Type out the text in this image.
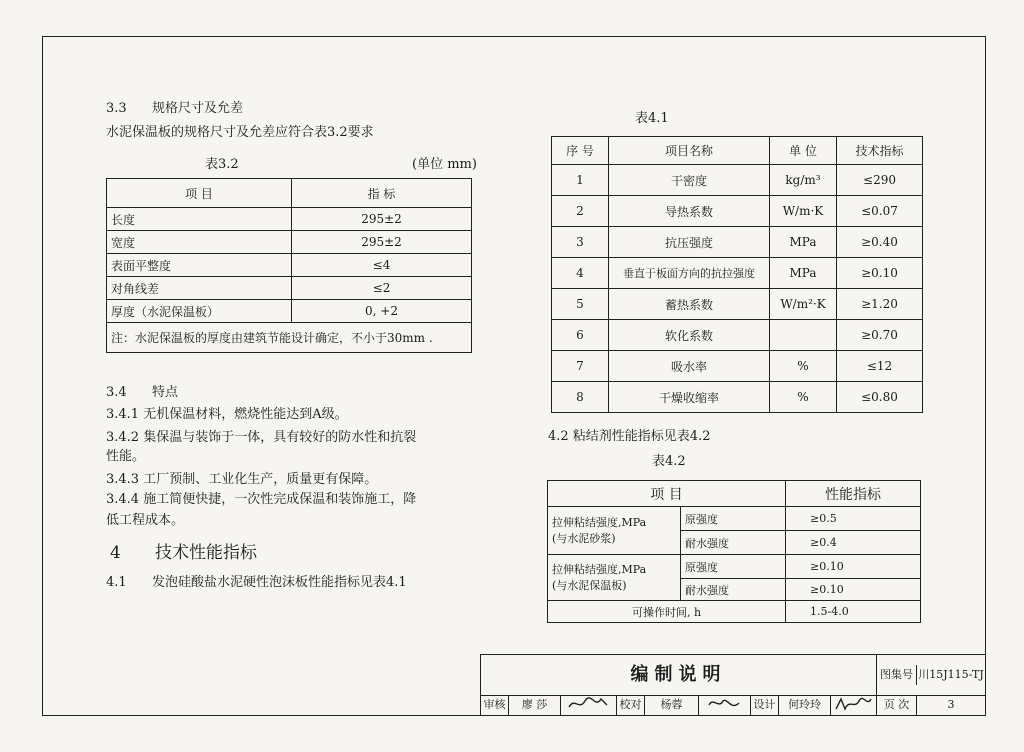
3.3 规格尺寸及允差
水泥保温板的规格尺寸及允差应符合表3.2要求
表3.2	(单位 mm)
项 目	指 标
长度	295±2
宽度	295±2
表面平整度	≤4
对角线差	≤2
厚度（水泥保温板）	0, +2
注：水泥保温板的厚度由建筑节能设计确定，不小于30mm .	
3.4 特点
3.4.1 无机保温材料，燃烧性能达到A级。
3.4.2 集保温与装饰于一体，具有较好的防水性和抗裂
性能。
3.4.3 工厂预制、工业化生产，质量更有保障。
3.4.4 施工简便快捷，一次性完成保温和装饰施工，降
低工程成本。
4 技术性能指标
4.1 发泡硅酸盐水泥硬性泡沫板性能指标见表4.1
表4.1
序 号	项目名称	单 位	技术指标
1	干密度	kg/m³	≤290
2	导热系数	W/m·K	≤0.07
3	抗压强度	MPa	≥0.40
4	垂直于板面方向的抗拉强度	MPa	≥0.10
5	蓄热系数	W/m²·K	≥1.20
6	软化系数		≥0.70
7	吸水率	%	≤12
8	干燥收缩率	%	≤0.80
4.2 粘结剂性能指标见表4.2
表4.2
项 目		性能指标
拉伸粘结强度,MPa
(与水泥砂浆)	原强度	≥0.5
	耐水强度	≥0.4
拉伸粘结强度,MPa
(与水泥保温板)	原强度	≥0.10
	耐水强度	≥0.10
可操作时间, h		1.5-4.0
编制说明	图集号 川15J115-TJ
审核	廖 莎	校对	杨蓉	设计	何玲玲	页 次	3
